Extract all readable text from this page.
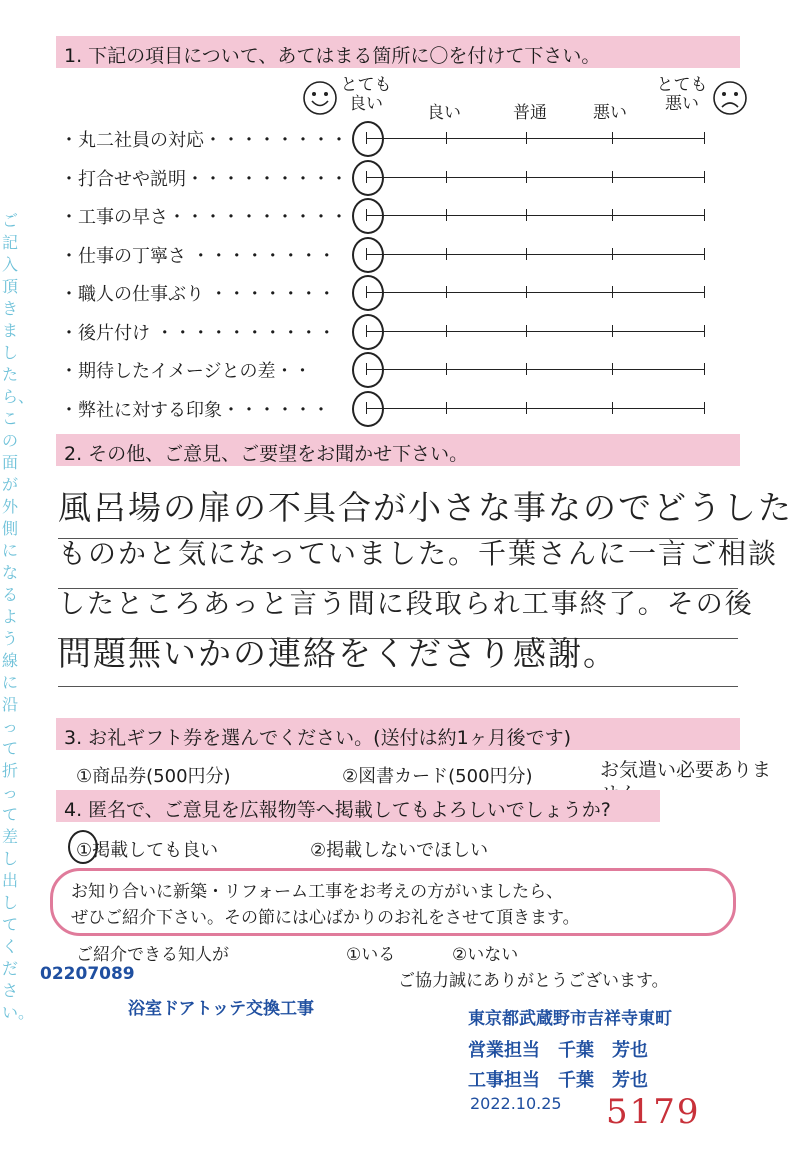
ご記入頂きましたら、この面が外側になるよう線に沿って折って差し出してください。
1. 下記の項目について、あてはまる箇所に〇を付けて下さい。
とても
良い	良い	普通	悪い
とても
悪い
・丸二社員の対応・・・・・・・・
・打合せや説明・・・・・・・・・
・工事の早さ・・・・・・・・・・
・仕事の丁寧さ ・・・・・・・・
・職人の仕事ぶり ・・・・・・・
・後片付け ・・・・・・・・・・
・期待したイメージとの差・・
・弊社に対する印象・・・・・・
2. その他、ご意見、ご要望をお聞かせ下さい。
風呂場の扉の不具合が小さな事なのでどうした
ものかと気になっていました。千葉さんに一言ご相談
したところあっと言う間に段取られ工事終了。その後
問題無いかの連絡をくださり感謝。
3. お礼ギフト券を選んでください。(送付は約1ヶ月後です)
①商品券(500円分)	②図書カード(500円分)	お気遣い必要ありま
4. 匿名で、ご意見を広報物等へ掲載してもよろしいでしょうか?
①掲載しても良い	②掲載しないでほしい
お知り合いに新築・リフォーム工事をお考えの方がいましたら、
ぜひご紹介下さい。その節には心ばかりのお礼をさせて頂きます。
ご紹介できる知人が	①いる	②いない
ご協力誠にありがとうございます。
02207089
浴室ドアトッテ交換工事	東京都武蔵野市吉祥寺東町
営業担当　千葉　芳也
工事担当　千葉　芳也
2022.10.25 5179
